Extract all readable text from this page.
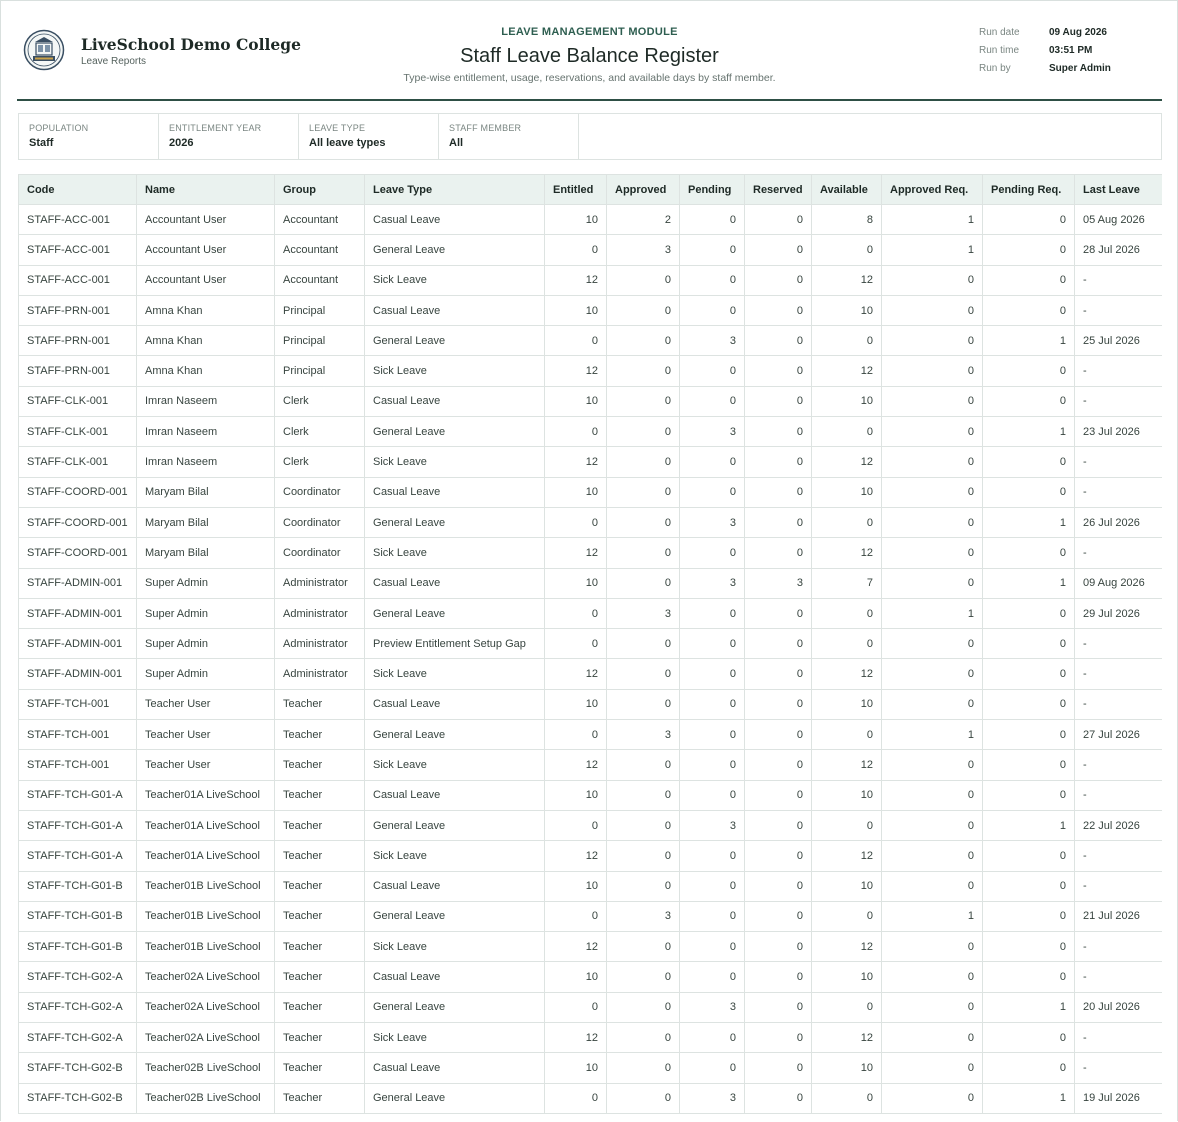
LiveSchool Demo College
Leave Reports
LEAVE MANAGEMENT MODULE
Staff Leave Balance Register
Type-wise entitlement, usage, reservations, and available days by staff member.
Run date	09 Aug 2026
Run time	03:51 PM
Run by	Super Admin
POPULATION
Staff
ENTITLEMENT YEAR
2026
LEAVE TYPE
All leave types
STAFF MEMBER
All
Code	Name	Group	Leave Type	Entitled	Approved	Pending	Reserved	Available	Approved Req.	Pending Req.	Last Leave
STAFF-ACC-001	Accountant User	Accountant	Casual Leave	10	2	0	0	8	1	0	05 Aug 2026
STAFF-ACC-001	Accountant User	Accountant	General Leave	0	3	0	0	0	1	0	28 Jul 2026
STAFF-ACC-001	Accountant User	Accountant	Sick Leave	12	0	0	0	12	0	0	-
STAFF-PRN-001	Amna Khan	Principal	Casual Leave	10	0	0	0	10	0	0	-
STAFF-PRN-001	Amna Khan	Principal	General Leave	0	0	3	0	0	0	1	25 Jul 2026
STAFF-PRN-001	Amna Khan	Principal	Sick Leave	12	0	0	0	12	0	0	-
STAFF-CLK-001	Imran Naseem	Clerk	Casual Leave	10	0	0	0	10	0	0	-
STAFF-CLK-001	Imran Naseem	Clerk	General Leave	0	0	3	0	0	0	1	23 Jul 2026
STAFF-CLK-001	Imran Naseem	Clerk	Sick Leave	12	0	0	0	12	0	0	-
STAFF-COORD-001	Maryam Bilal	Coordinator	Casual Leave	10	0	0	0	10	0	0	-
STAFF-COORD-001	Maryam Bilal	Coordinator	General Leave	0	0	3	0	0	0	1	26 Jul 2026
STAFF-COORD-001	Maryam Bilal	Coordinator	Sick Leave	12	0	0	0	12	0	0	-
STAFF-ADMIN-001	Super Admin	Administrator	Casual Leave	10	0	3	3	7	0	1	09 Aug 2026
STAFF-ADMIN-001	Super Admin	Administrator	General Leave	0	3	0	0	0	1	0	29 Jul 2026
STAFF-ADMIN-001	Super Admin	Administrator	Preview Entitlement Setup Gap	0	0	0	0	0	0	0	-
STAFF-ADMIN-001	Super Admin	Administrator	Sick Leave	12	0	0	0	12	0	0	-
STAFF-TCH-001	Teacher User	Teacher	Casual Leave	10	0	0	0	10	0	0	-
STAFF-TCH-001	Teacher User	Teacher	General Leave	0	3	0	0	0	1	0	27 Jul 2026
STAFF-TCH-001	Teacher User	Teacher	Sick Leave	12	0	0	0	12	0	0	-
STAFF-TCH-G01-A	Teacher01A LiveSchool	Teacher	Casual Leave	10	0	0	0	10	0	0	-
STAFF-TCH-G01-A	Teacher01A LiveSchool	Teacher	General Leave	0	0	3	0	0	0	1	22 Jul 2026
STAFF-TCH-G01-A	Teacher01A LiveSchool	Teacher	Sick Leave	12	0	0	0	12	0	0	-
STAFF-TCH-G01-B	Teacher01B LiveSchool	Teacher	Casual Leave	10	0	0	0	10	0	0	-
STAFF-TCH-G01-B	Teacher01B LiveSchool	Teacher	General Leave	0	3	0	0	0	1	0	21 Jul 2026
STAFF-TCH-G01-B	Teacher01B LiveSchool	Teacher	Sick Leave	12	0	0	0	12	0	0	-
STAFF-TCH-G02-A	Teacher02A LiveSchool	Teacher	Casual Leave	10	0	0	0	10	0	0	-
STAFF-TCH-G02-A	Teacher02A LiveSchool	Teacher	General Leave	0	0	3	0	0	0	1	20 Jul 2026
STAFF-TCH-G02-A	Teacher02A LiveSchool	Teacher	Sick Leave	12	0	0	0	12	0	0	-
STAFF-TCH-G02-B	Teacher02B LiveSchool	Teacher	Casual Leave	10	0	0	0	10	0	0	-
STAFF-TCH-G02-B	Teacher02B LiveSchool	Teacher	General Leave	0	0	3	0	0	0	1	19 Jul 2026
